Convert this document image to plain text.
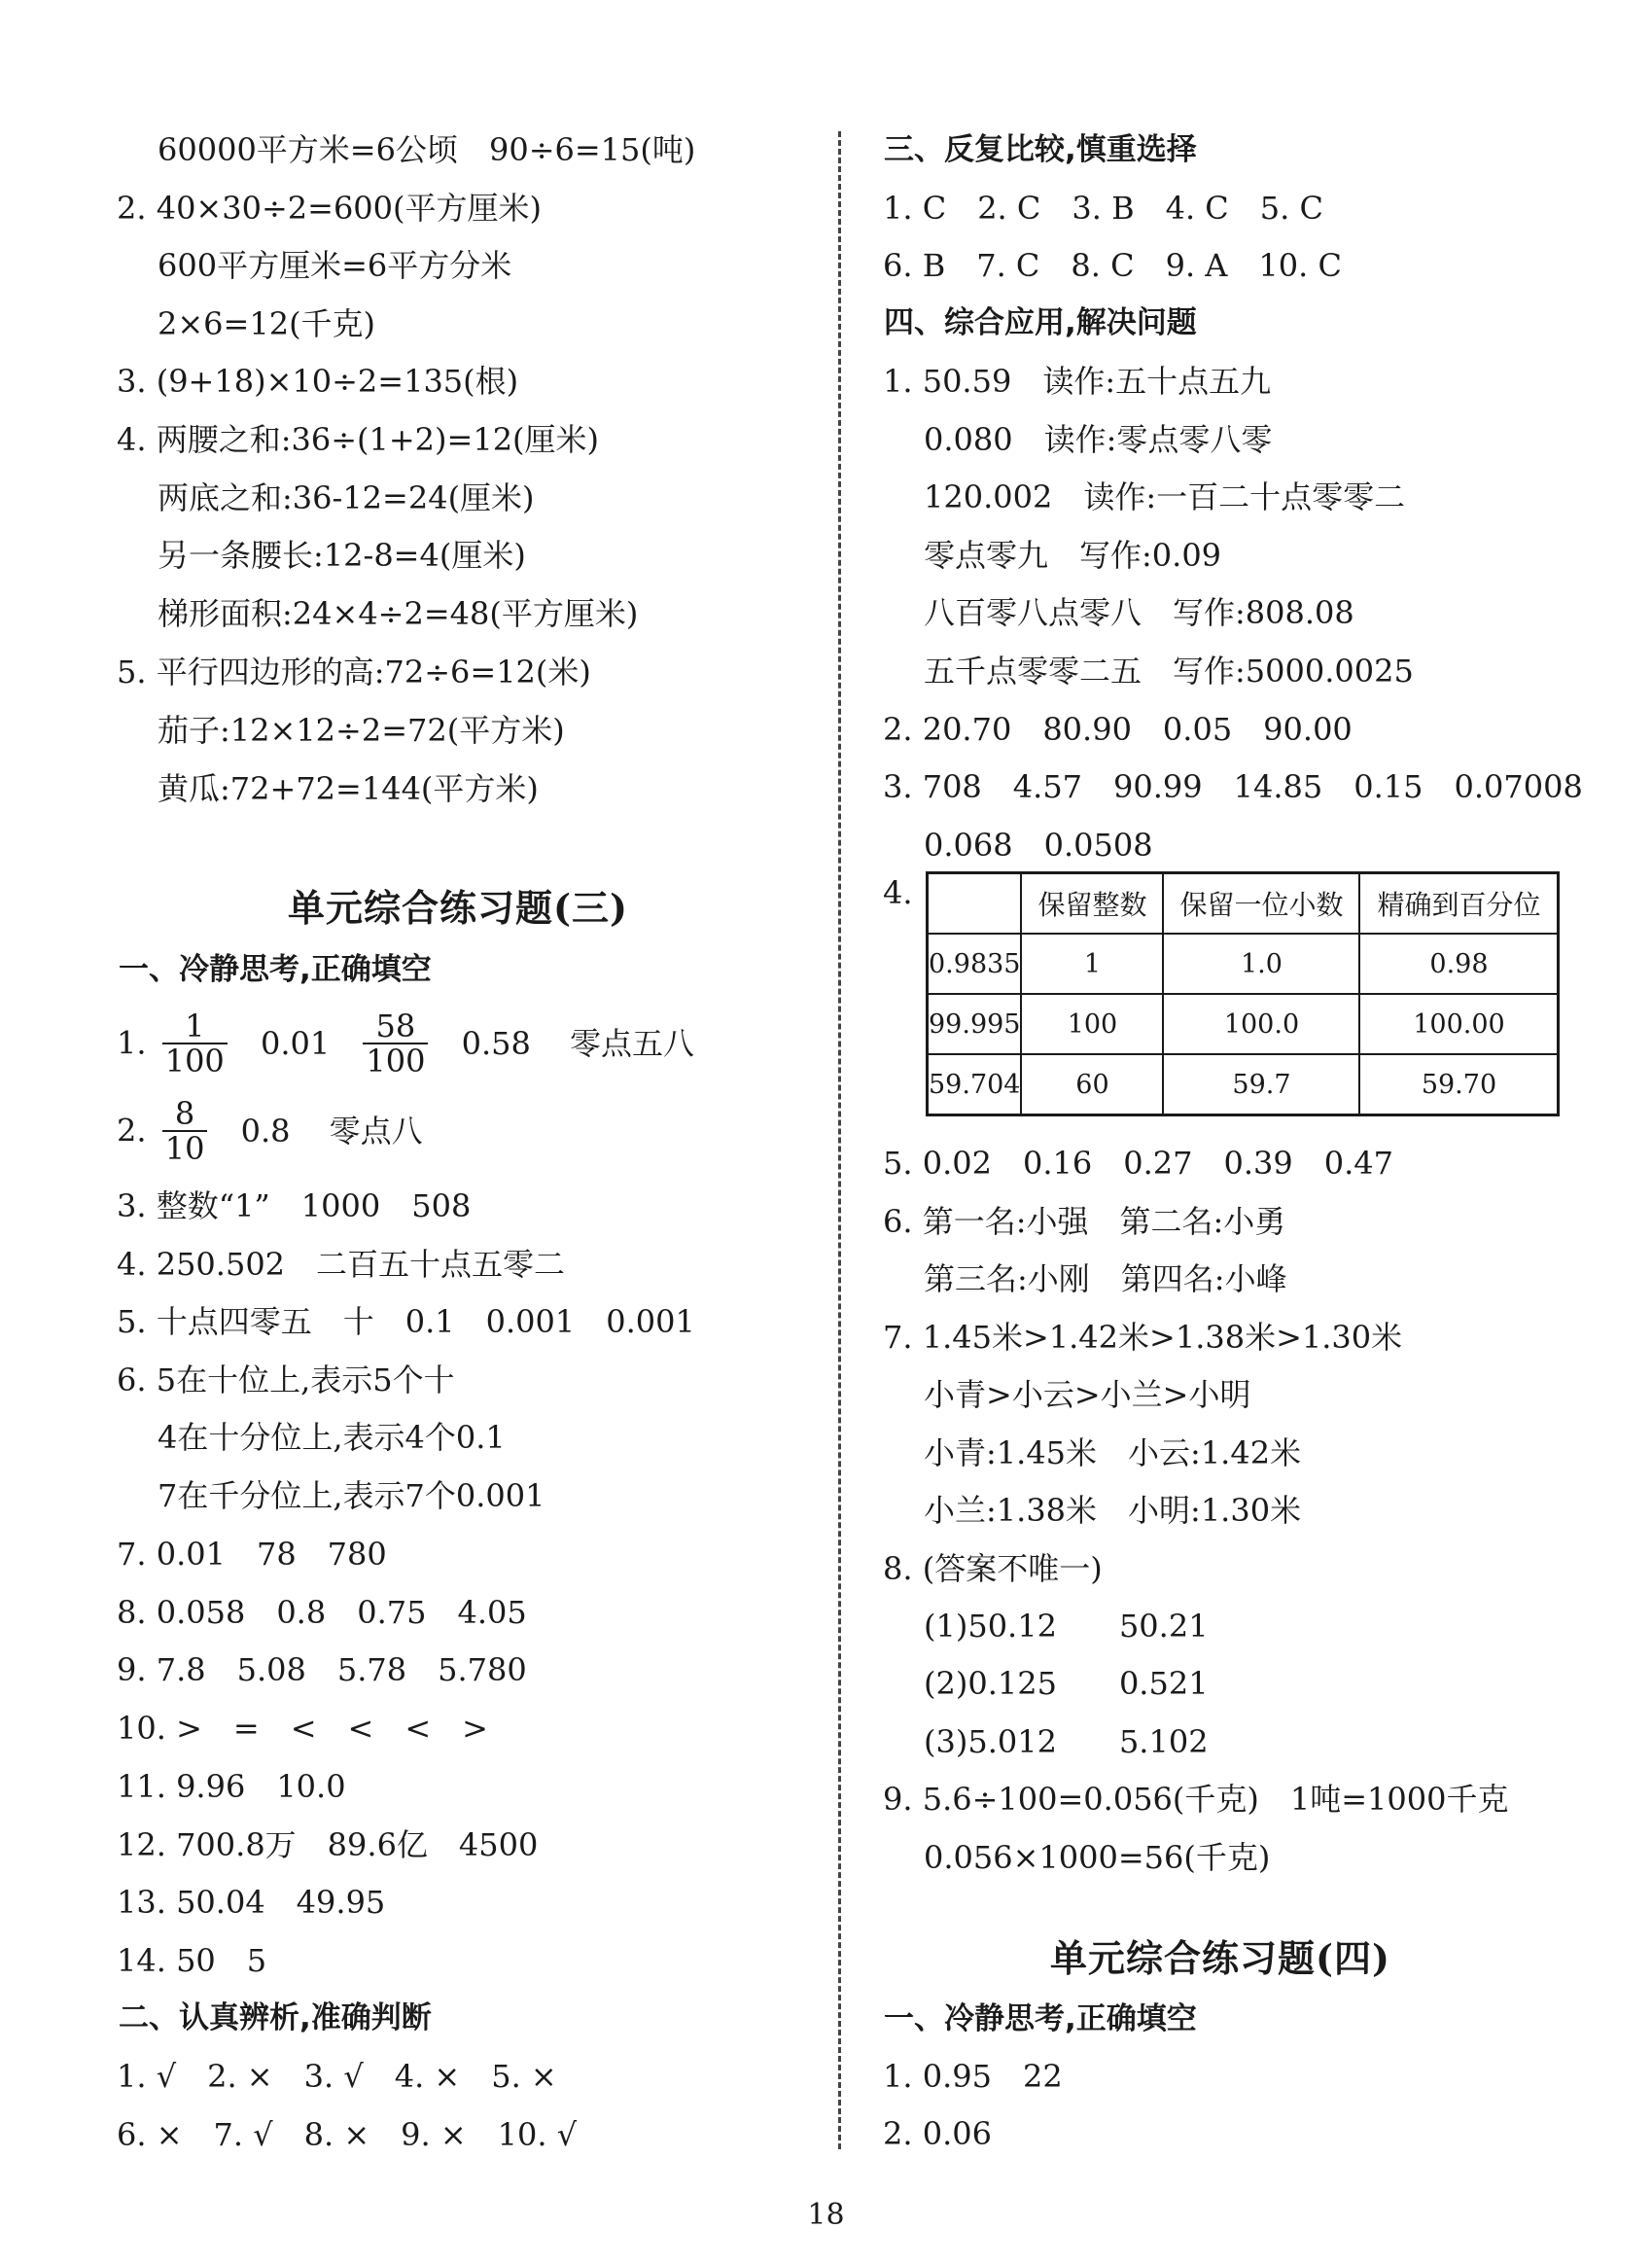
60000平方米=6公顷　90÷6=15(吨)
2. 40×30÷2=600(平方厘米)
600平方厘米=6平方分米
2×6=12(千克)
3. (9+18)×10÷2=135(根)
4. 两腰之和:36÷(1+2)=12(厘米)
两底之和:36-12=24(厘米)
另一条腰长:12-8=4(厘米)
梯形面积:24×4÷2=48(平方厘米)
5. 平行四边形的高:72÷6=12(米)
茄子:12×12÷2=72(平方米)
黄瓜:72+72=144(平方米)
单元综合练习题(三)
一、冷静思考,正确填空
1. $\frac{1}{100} 0.01 \frac{58}{100} 0.58$ 零点五八
2. $\frac{8}{10} 0.8$ 零点八
3. 整数“1”　1000　508
4. 250.502　二百五十点五零二
5. 十点四零五　十　0.1　0.001　0.001
6. 5在十位上,表示5个十
4在十分位上,表示4个0.1
7在千分位上,表示7个0.001
7. 0.01　78　780
8. 0.058　0.8　0.75　4.05
9. 7.8　5.08　5.78　5.780
10. >　=　<　<　<　>
11. 9.96　10.0
12. 700.8万　89.6亿　4500
13. 50.04　49.95
14. 50　5
二、认真辨析,准确判断
1. √　2. ×　3. √　4. ×　5. ×
6. ×　7. √　8. ×　9. ×　10. √
三、反复比较,慎重选择
1. C　2. C　3. B　4. C　5. C
6. B　7. C　8. C　9. A　10. C
四、综合应用,解决问题
1. 50.59　读作:五十点五九
0.080　读作:零点零八零
120.002　读作:一百二十点零零二
零点零九　写作:0.09
八百零八点零八　写作:808.08
五千点零零二五　写作:5000.0025
2. 20.70　80.90　0.05　90.00
3. 708　4.57　90.99　14.85　0.15　0.07008
0.068　0.0508
4.
		保留整数	保留一位小数	精确到百分位
0.9835	1	1.0	0.98
99.995	100	100.0	100.00
59.704	60	59.7	59.70
5. 0.02　0.16　0.27　0.39　0.47
6. 第一名:小强　第二名:小勇
第三名:小刚　第四名:小峰
7. 1.45米>1.42米>1.38米>1.30米
小青>小云>小兰>小明
小青:1.45米　小云:1.42米
小兰:1.38米　小明:1.30米
8. (答案不唯一)
(1)50.12　　50.21
(2)0.125　　0.521
(3)5.012　　5.102
9. 5.6÷100=0.056(千克)　1吨=1000千克
0.056×1000=56(千克)
单元综合练习题(四)
一、冷静思考,正确填空
1. 0.95　22
2. 0.06
18
